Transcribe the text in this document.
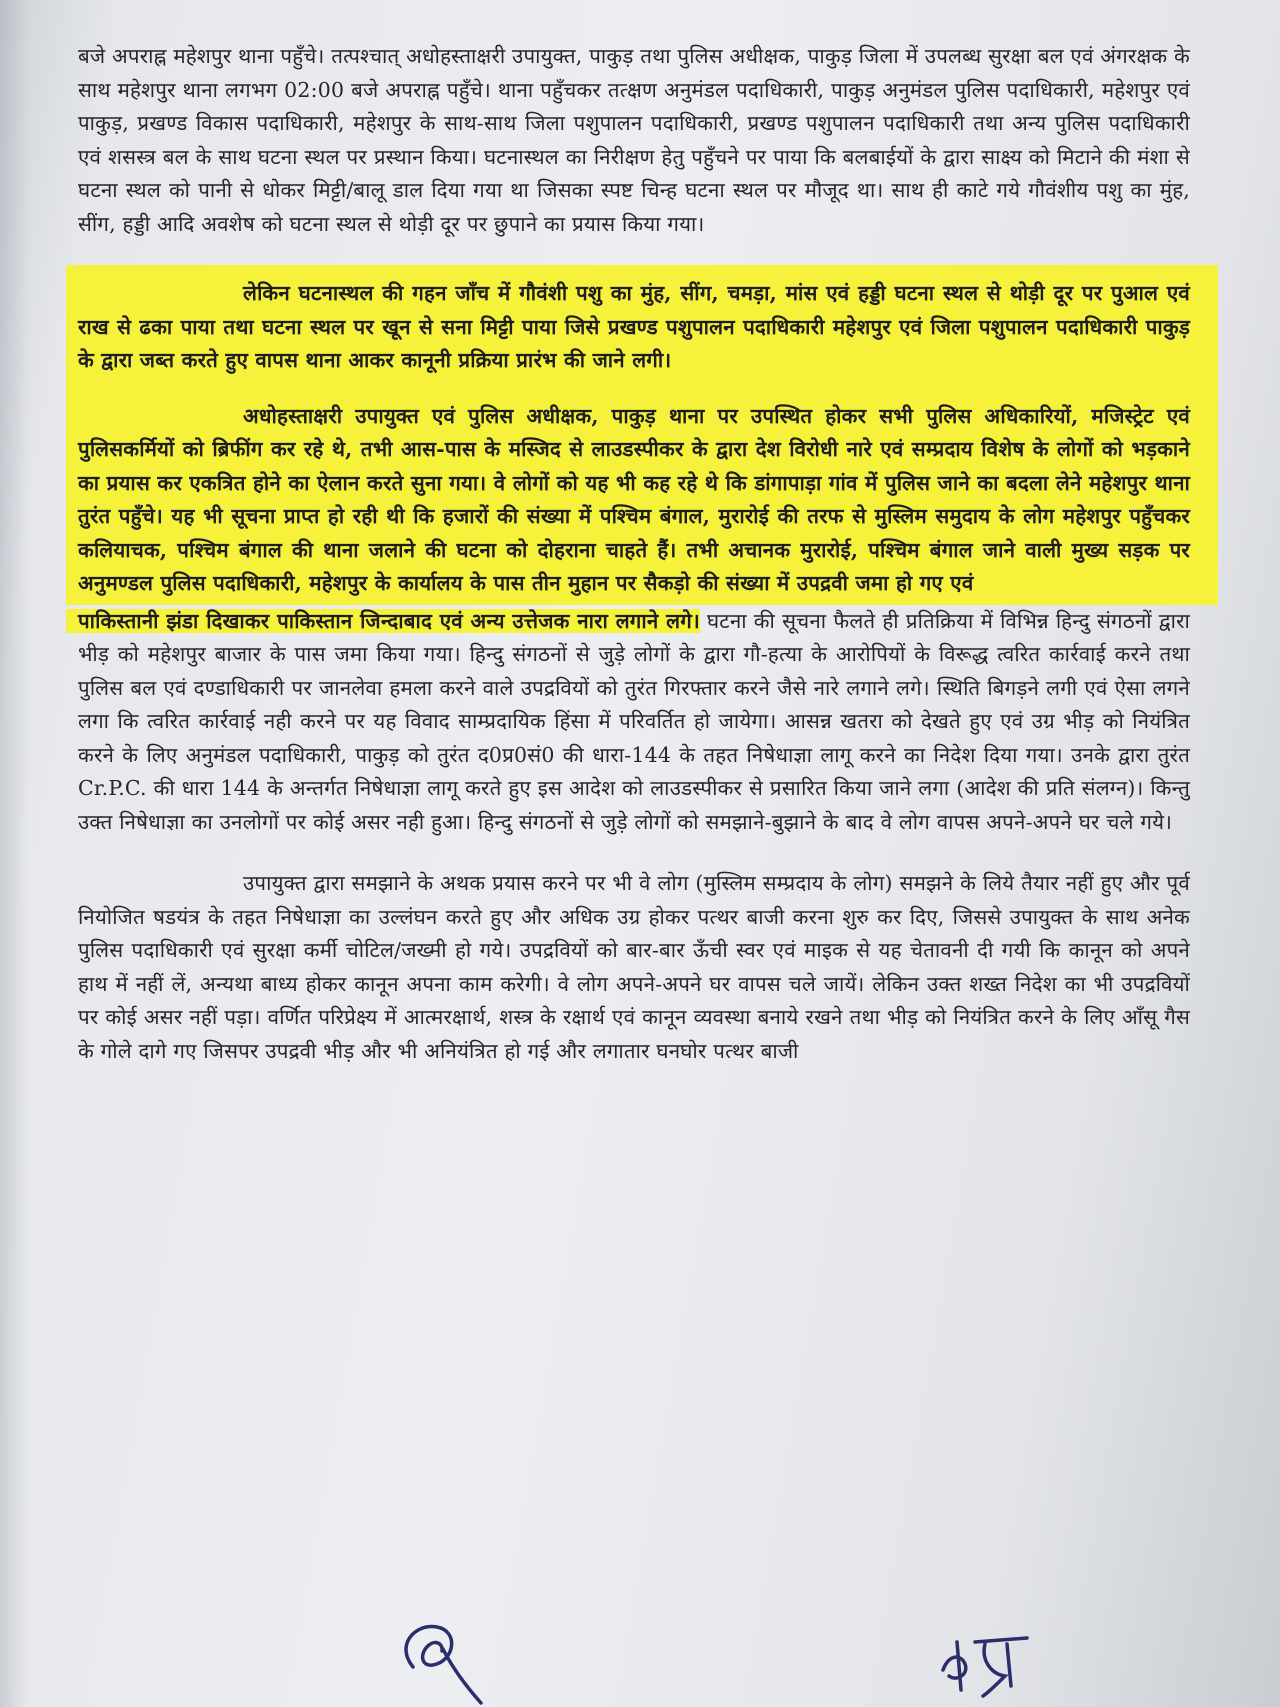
बजे अपराह्न महेशपुर थाना पहुँचे। तत्पश्चात् अधोहस्ताक्षरी उपायुक्त, पाकुड़ तथा पुलिस अधीक्षक, पाकुड़ जिला में उपलब्ध सुरक्षा बल एवं अंगरक्षक के साथ महेशपुर थाना लगभग 02:00 बजे अपराह्न पहुँचे। थाना पहुँचकर तत्क्षण अनुमंडल पदाधिकारी, पाकुड़ अनुमंडल पुलिस पदाधिकारी, महेशपुर एवं पाकुड़, प्रखण्ड विकास पदाधिकारी, महेशपुर के साथ-साथ जिला पशुपालन पदाधिकारी, प्रखण्ड पशुपालन पदाधिकारी तथा अन्य पुलिस पदाधिकारी एवं शसस्त्र बल के साथ घटना स्थल पर प्रस्थान किया। घटनास्थल का निरीक्षण हेतु पहुँचने पर पाया कि बलबाईयों के द्वारा साक्ष्य को मिटाने की मंशा से घटना स्थल को पानी से धोकर मिट्टी/बालू डाल दिया गया था जिसका स्पष्ट चिन्ह घटना स्थल पर मौजूद था। साथ ही काटे गये गौवंशीय पशु का मुंह, सींग, हड्डी आदि अवशेष को घटना स्थल से थोड़ी दूर पर छुपाने का प्रयास किया गया।

लेकिन घटनास्थल की गहन जाँच में गौवंशी पशु का मुंह, सींग, चमड़ा, मांस एवं हड्डी घटना स्थल से थोड़ी दूर पर पुआल एवं राख से ढका पाया तथा घटना स्थल पर खून से सना मिट्टी पाया जिसे प्रखण्ड पशुपालन पदाधिकारी महेशपुर एवं जिला पशुपालन पदाधिकारी पाकुड़ के द्वारा जब्त करते हुए वापस थाना आकर कानूनी प्रक्रिया प्रारंभ की जाने लगी।

अधोहस्ताक्षरी उपायुक्त एवं पुलिस अधीक्षक, पाकुड़ थाना पर उपस्थित होकर सभी पुलिस अधिकारियों, मजिस्ट्रेट एवं पुलिसकर्मियों को ब्रिफींग कर रहे थे, तभी आस-पास के मस्जिद से लाउडस्पीकर के द्वारा देश विरोधी नारे एवं सम्प्रदाय विशेष के लोगों को भड़काने का प्रयास कर एकत्रित होने का ऐलान करते सुना गया। वे लोगों को यह भी कह रहे थे कि डांगापाड़ा गांव में पुलिस जाने का बदला लेने महेशपुर थाना तुरंत पहुँचे। यह भी सूचना प्राप्त हो रही थी कि हजारों की संख्या में पश्चिम बंगाल, मुरारोई की तरफ से मुस्लिम समुदाय के लोग महेशपुर पहुँचकर कलियाचक, पश्चिम बंगाल की थाना जलाने की घटना को दोहराना चाहते हैं। तभी अचानक मुरारोई, पश्चिम बंगाल जाने वाली मुख्य सड़क पर अनुमण्डल पुलिस पदाधिकारी, महेशपुर के कार्यालय के पास तीन मुहान पर सैकड़ो की संख्या में उपद्रवी जमा हो गए एवं

पाकिस्तानी झंडा दिखाकर पाकिस्तान जिन्दाबाद एवं अन्य उत्तेजक नारा लगाने लगे। घटना की सूचना फैलते ही प्रतिक्रिया में विभिन्न हिन्दु संगठनों द्वारा भीड़ को महेशपुर बाजार के पास जमा किया गया। हिन्दु संगठनों से जुड़े लोगों के द्वारा गौ-हत्या के आरोपियों के विरूद्ध त्वरित कार्रवाई करने तथा पुलिस बल एवं दण्डाधिकारी पर जानलेवा हमला करने वाले उपद्रवियों को तुरंत गिरफ्तार करने जैसे नारे लगाने लगे। स्थिति बिगड़ने लगी एवं ऐसा लगने लगा कि त्वरित कार्रवाई नही करने पर यह विवाद साम्प्रदायिक हिंसा में परिवर्तित हो जायेगा। आसन्न खतरा को देखते हुए एवं उग्र भीड़ को नियंत्रित करने के लिए अनुमंडल पदाधिकारी, पाकुड़ को तुरंत द0प्र0सं0 की धारा-144 के तहत निषेधाज्ञा लागू करने का निदेश दिया गया। उनके द्वारा तुरंत Cr.P.C. की धारा 144 के अन्तर्गत निषेधाज्ञा लागू करते हुए इस आदेश को लाउडस्पीकर से प्रसारित किया जाने लगा (आदेश की प्रति संलग्न)। किन्तु उक्त निषेधाज्ञा का उनलोगों पर कोई असर नही हुआ। हिन्दु संगठनों से जुड़े लोगों को समझाने-बुझाने के बाद वे लोग वापस अपने-अपने घर चले गये।

उपायुक्त द्वारा समझाने के अथक प्रयास करने पर भी वे लोग (मुस्लिम सम्प्रदाय के लोग) समझने के लिये तैयार नहीं हुए और पूर्व नियोजित षडयंत्र के तहत निषेधाज्ञा का उल्लंघन करते हुए और अधिक उग्र होकर पत्थर बाजी करना शुरु कर दिए, जिससे उपायुक्त के साथ अनेक पुलिस पदाधिकारी एवं सुरक्षा कर्मी चोटिल/जख्मी हो गये। उपद्रवियों को बार-बार ऊँची स्वर एवं माइक से यह चेतावनी दी गयी कि कानून को अपने हाथ में नहीं लें, अन्यथा बाध्य होकर कानून अपना काम करेगी। वे लोग अपने-अपने घर वापस चले जायें। लेकिन उक्त शख्त निदेश का भी उपद्रवियों पर कोई असर नहीं पड़ा। वर्णित परिप्रेक्ष्य में आत्मरक्षार्थ, शस्त्र के रक्षार्थ एवं कानून व्यवस्था बनाये रखने तथा भीड़ को नियंत्रित करने के लिए आँसू गैस के गोले दागे गए जिसपर उपद्रवी भीड़ और भी अनियंत्रित हो गई और लगातार घनघोर पत्थर बाजी
